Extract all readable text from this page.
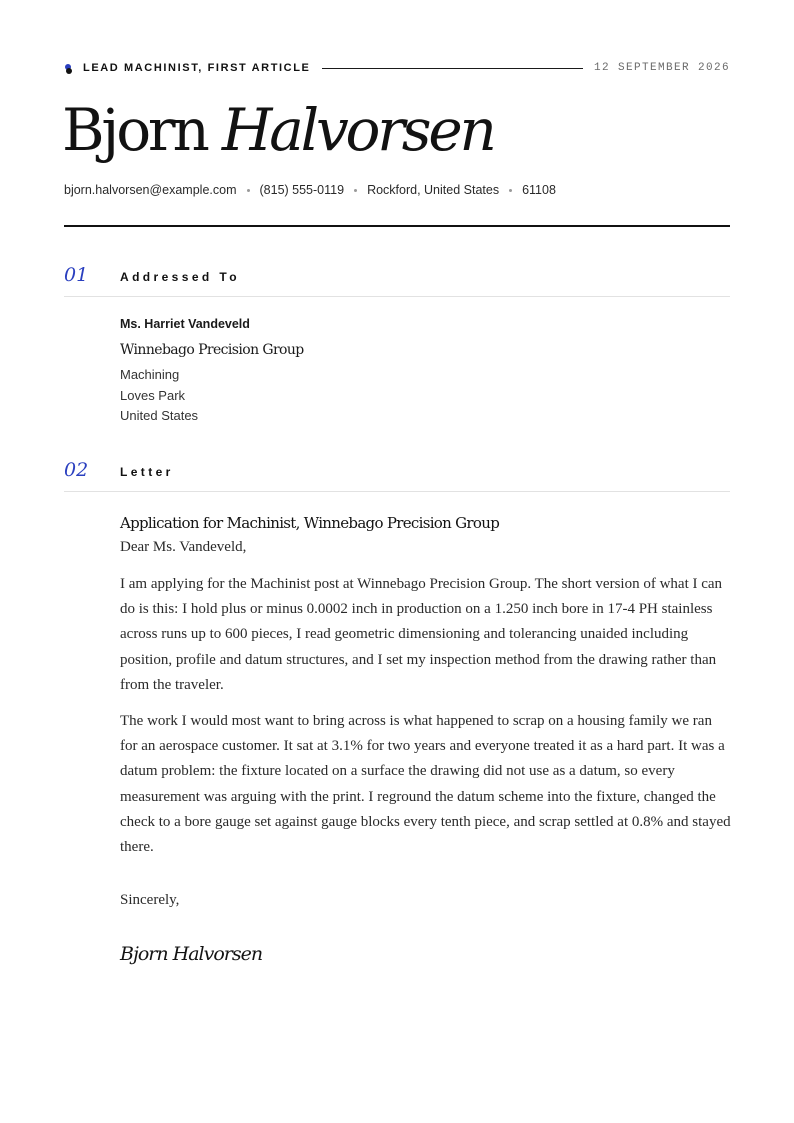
LEAD MACHINIST, FIRST ARTICLE	12 SEPTEMBER 2026
Bjorn Halvorsen
bjorn.halvorsen@example.com (815) 555-0119 Rockford, United States 61108
01	Addressed To
Ms. Harriet Vandeveld
Winnebago Precision Group
Machining
Loves Park
United States
02	Letter
Application for Machinist, Winnebago Precision Group
Dear Ms. Vandeveld,

I am applying for the Machinist post at Winnebago Precision Group. The short version of what I can do is this: I hold plus or minus 0.0002 inch in production on a 1.250 inch bore in 17-4 PH stainless across runs up to 600 pieces, I read geometric dimensioning and tolerancing unaided including position, profile and datum structures, and I set my inspection method from the drawing rather than from the traveler.

The work I would most want to bring across is what happened to scrap on a housing family we ran for an aerospace customer. It sat at 3.1% for two years and everyone treated it as a hard part. It was a datum problem: the fixture located on a surface the drawing did not use as a datum, so every measurement was arguing with the print. I reground the datum scheme into the fixture, changed the check to a bore gauge set against gauge blocks every tenth piece, and scrap settled at 0.8% and stayed there.

Sincerely,
Bjorn Halvorsen
